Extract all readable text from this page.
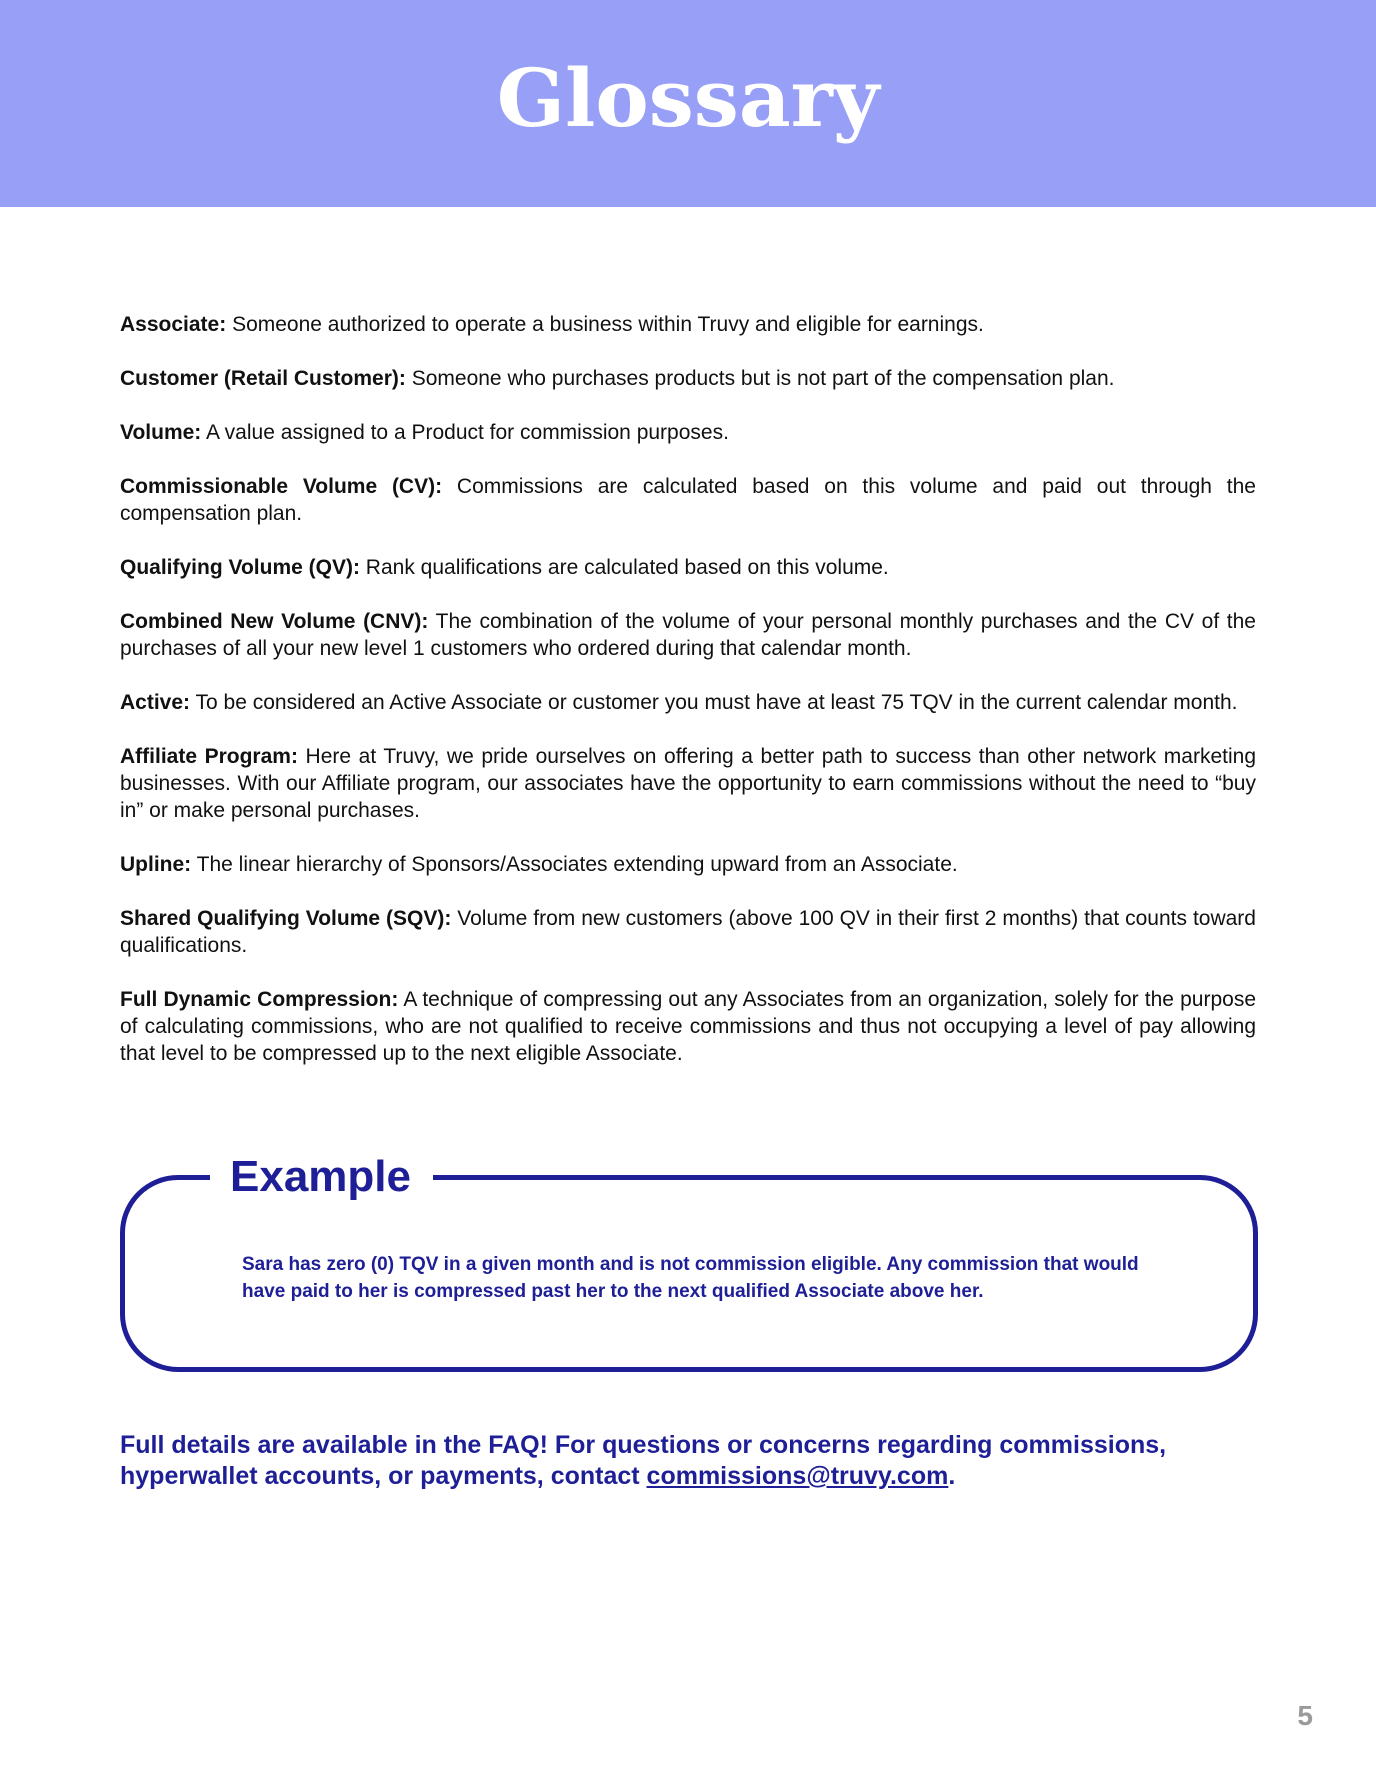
Glossary
Associate: Someone authorized to operate a business within Truvy and eligible for earnings.
Customer (Retail Customer): Someone who purchases products but is not part of the compensation plan.
Volume: A value assigned to a Product for commission purposes.
Commissionable Volume (CV): Commissions are calculated based on this volume and paid out through the compensation plan.
Qualifying Volume (QV): Rank qualifications are calculated based on this volume.
Combined New Volume (CNV): The combination of the volume of your personal monthly purchases and the CV of the purchases of all your new level 1 customers who ordered during that calendar month.
Active: To be considered an Active Associate or customer you must have at least 75 TQV in the current calendar month.
Affiliate Program: Here at Truvy, we pride ourselves on offering a better path to success than other network marketing businesses. With our Affiliate program, our associates have the opportunity to earn commissions without the need to “buy in” or make personal purchases.
Upline: The linear hierarchy of Sponsors/Associates extending upward from an Associate.
Shared Qualifying Volume (SQV): Volume from new customers (above 100 QV in their first 2 months) that counts toward qualifications.
Full Dynamic Compression: A technique of compressing out any Associates from an organization, solely for the purpose of calculating commissions, who are not qualified to receive commissions and thus not occupying a level of pay allowing that level to be compressed up to the next eligible Associate.
Example

Sara has zero (0) TQV in a given month and is not commission eligible. Any commission that would have paid to her is compressed past her to the next qualified Associate above her.

Full details are available in the FAQ! For questions or concerns regarding commissions, hyperwallet accounts, or payments, contact commissions@truvy.com.

5
